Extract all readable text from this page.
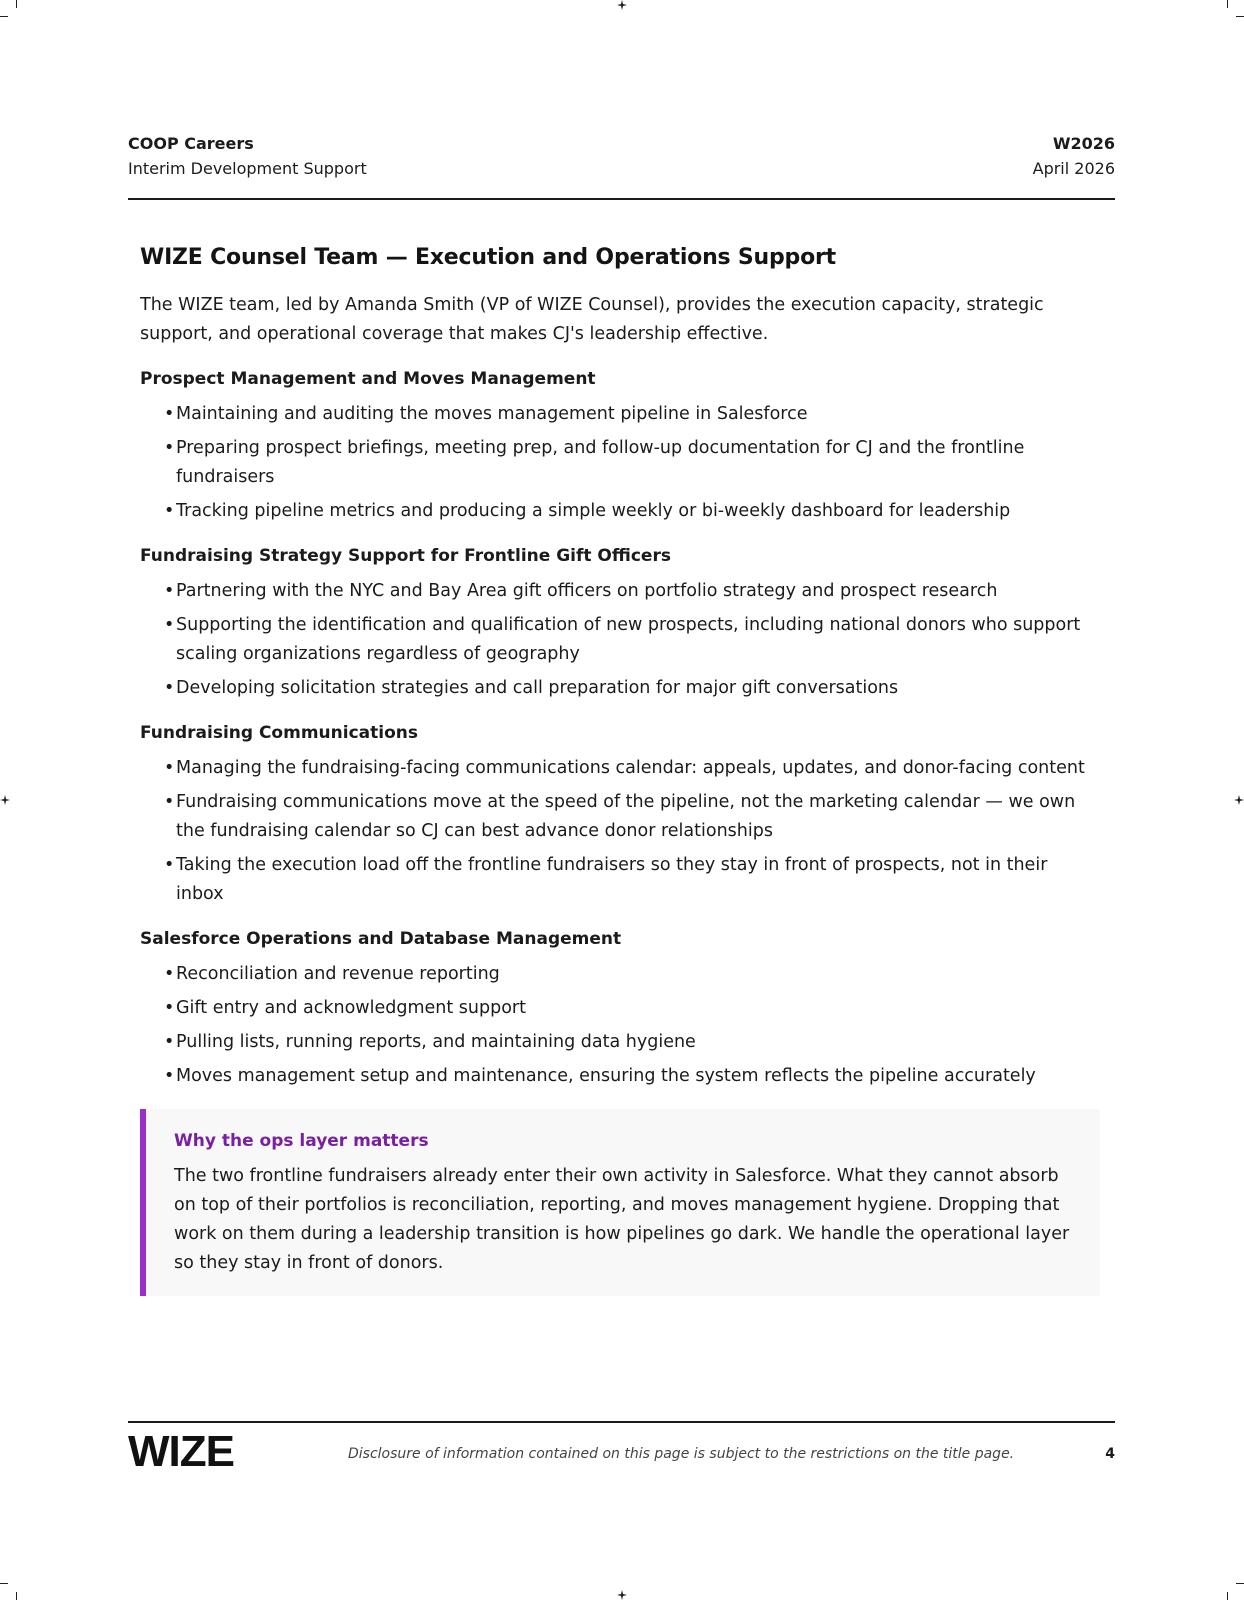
COOP Careers
Interim Development Support
W2026
April 2026
WIZE Counsel Team — Execution and Operations Support

The WIZE team, led by Amanda Smith (VP of WIZE Counsel), provides the execution capacity, strategic support, and operational coverage that makes CJ's leadership effective.

Prospect Management and Moves Management
• Maintaining and auditing the moves management pipeline in Salesforce
• Preparing prospect briefings, meeting prep, and follow-up documentation for CJ and the frontline fundraisers
• Tracking pipeline metrics and producing a simple weekly or bi-weekly dashboard for leadership
Fundraising Strategy Support for Frontline Gift Officers
• Partnering with the NYC and Bay Area gift officers on portfolio strategy and prospect research
• Supporting the identification and qualification of new prospects, including national donors who support scaling organizations regardless of geography
• Developing solicitation strategies and call preparation for major gift conversations
Fundraising Communications
• Managing the fundraising-facing communications calendar: appeals, updates, and donor-facing content
• Fundraising communications move at the speed of the pipeline, not the marketing calendar — we own the fundraising calendar so CJ can best advance donor relationships
• Taking the execution load off the frontline fundraisers so they stay in front of prospects, not in their inbox
Salesforce Operations and Database Management
• Reconciliation and revenue reporting
• Gift entry and acknowledgment support
• Pulling lists, running reports, and maintaining data hygiene
• Moves management setup and maintenance, ensuring the system reflects the pipeline accurately
Why the ops layer matters
The two frontline fundraisers already enter their own activity in Salesforce. What they cannot absorb on top of their portfolios is reconciliation, reporting, and moves management hygiene. Dropping that work on them during a leadership transition is how pipelines go dark. We handle the operational layer so they stay in front of donors.
WIZE	Disclosure of information contained on this page is subject to the restrictions on the title page.	4
